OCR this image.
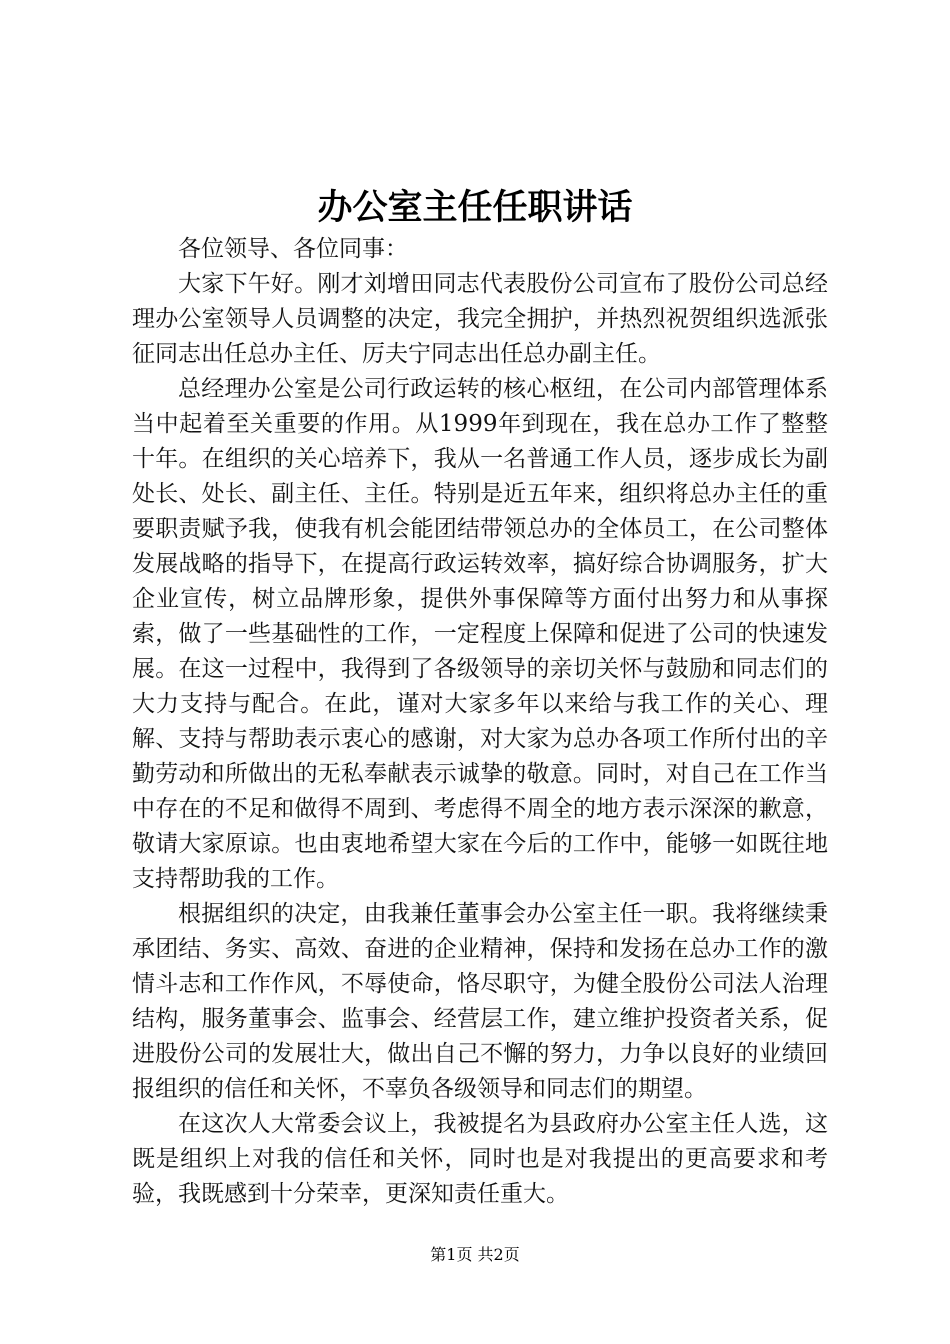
办公室主任任职讲话

各位领导、各位同事：

大家下午好。刚才刘增田同志代表股份公司宣布了股份公司总经理办公室领导人员调整的决定，我完全拥护，并热烈祝贺组织选派张征同志出任总办主任、厉夫宁同志出任总办副主任。

总经理办公室是公司行政运转的核心枢纽，在公司内部管理体系当中起着至关重要的作用。从1999年到现在，我在总办工作了整整十年。在组织的关心培养下，我从一名普通工作人员，逐步成长为副处长、处长、副主任、主任。特别是近五年来，组织将总办主任的重要职责赋予我，使我有机会能团结带领总办的全体员工，在公司整体发展战略的指导下，在提高行政运转效率，搞好综合协调服务，扩大企业宣传，树立品牌形象，提供外事保障等方面付出努力和从事探索，做了一些基础性的工作，一定程度上保障和促进了公司的快速发展。在这一过程中，我得到了各级领导的亲切关怀与鼓励和同志们的大力支持与配合。在此，谨对大家多年以来给与我工作的关心、理解、支持与帮助表示衷心的感谢，对大家为总办各项工作所付出的辛勤劳动和所做出的无私奉献表示诚挚的敬意。同时，对自己在工作当中存在的不足和做得不周到、考虑得不周全的地方表示深深的歉意，敬请大家原谅。也由衷地希望大家在今后的工作中，能够一如既往地支持帮助我的工作。

根据组织的决定，由我兼任董事会办公室主任一职。我将继续秉承团结、务实、高效、奋进的企业精神，保持和发扬在总办工作的激情斗志和工作作风，不辱使命，恪尽职守，为健全股份公司法人治理结构，服务董事会、监事会、经营层工作，建立维护投资者关系，促进股份公司的发展壮大，做出自己不懈的努力，力争以良好的业绩回报组织的信任和关怀，不辜负各级领导和同志们的期望。

在这次人大常委会议上，我被提名为县政府办公室主任人选，这既是组织上对我的信任和关怀，同时也是对我提出的更高要求和考验，我既感到十分荣幸，更深知责任重大。

第1页 共2页
